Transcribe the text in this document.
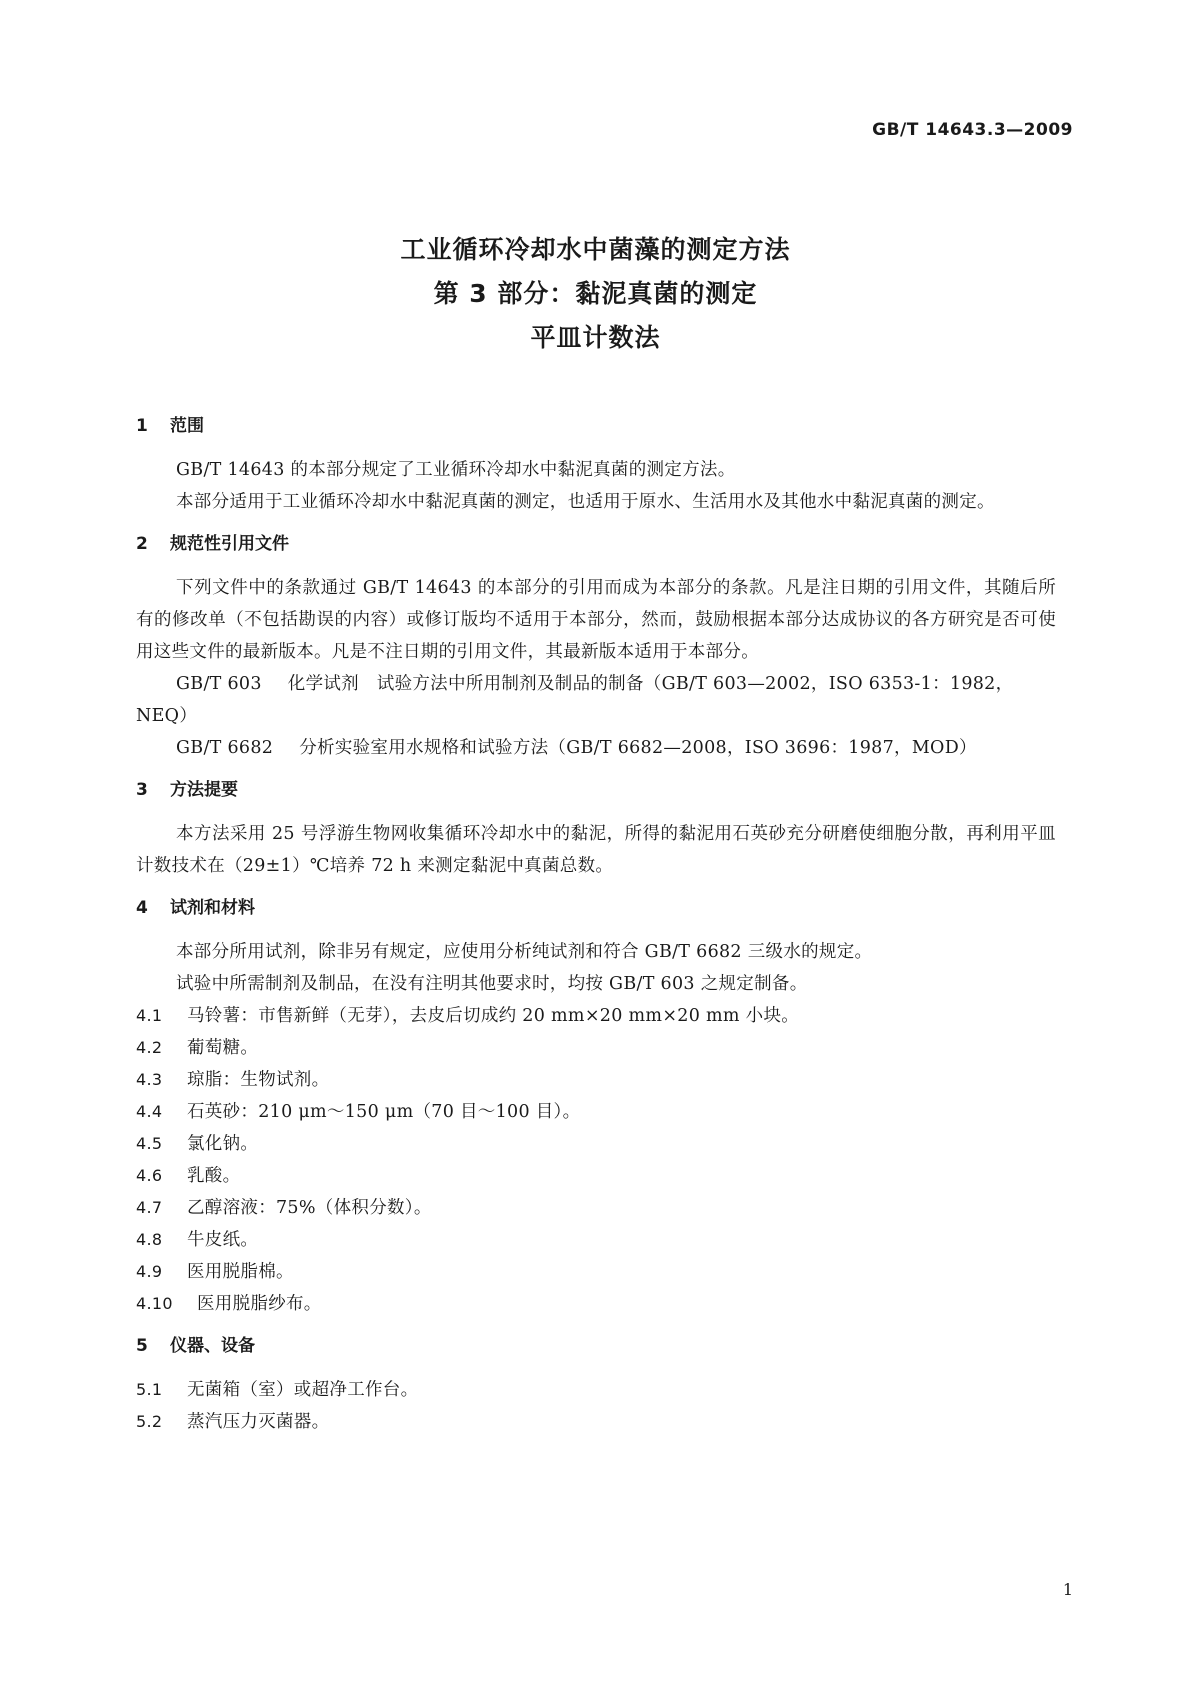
GB/T 14643.3—2009
工业循环冷却水中菌藻的测定方法
第 3 部分：黏泥真菌的测定
平皿计数法
1 范围

GB/T 14643 的本部分规定了工业循环冷却水中黏泥真菌的测定方法。

本部分适用于工业循环冷却水中黏泥真菌的测定，也适用于原水、生活用水及其他水中黏泥真菌的测定。

2 规范性引用文件

下列文件中的条款通过 GB/T 14643 的本部分的引用而成为本部分的条款。凡是注日期的引用文件，其随后所有的修改单（不包括勘误的内容）或修订版均不适用于本部分，然而，鼓励根据本部分达成协议的各方研究是否可使用这些文件的最新版本。凡是不注日期的引用文件，其最新版本适用于本部分。

GB/T 603 化学试剂　试验方法中所用制剂及制品的制备（GB/T 603—2002，ISO 6353-1：1982，NEQ）

GB/T 6682 分析实验室用水规格和试验方法（GB/T 6682—2008，ISO 3696：1987，MOD）

3 方法提要

本方法采用 25 号浮游生物网收集循环冷却水中的黏泥，所得的黏泥用石英砂充分研磨使细胞分散，再利用平皿计数技术在（29±1）℃培养 72 h 来测定黏泥中真菌总数。

4 试剂和材料

本部分所用试剂，除非另有规定，应使用分析纯试剂和符合 GB/T 6682 三级水的规定。

试验中所需制剂及制品，在没有注明其他要求时，均按 GB/T 603 之规定制备。

4.1 马铃薯：市售新鲜（无芽），去皮后切成约 20 mm×20 mm×20 mm 小块。

4.2 葡萄糖。

4.3 琼脂：生物试剂。

4.4 石英砂：210 μm～150 μm（70 目～100 目）。

4.5 氯化钠。

4.6 乳酸。

4.7 乙醇溶液：75%（体积分数）。

4.8 牛皮纸。

4.9 医用脱脂棉。

4.10 医用脱脂纱布。

5 仪器、设备

5.1 无菌箱（室）或超净工作台。

5.2 蒸汽压力灭菌器。

1
